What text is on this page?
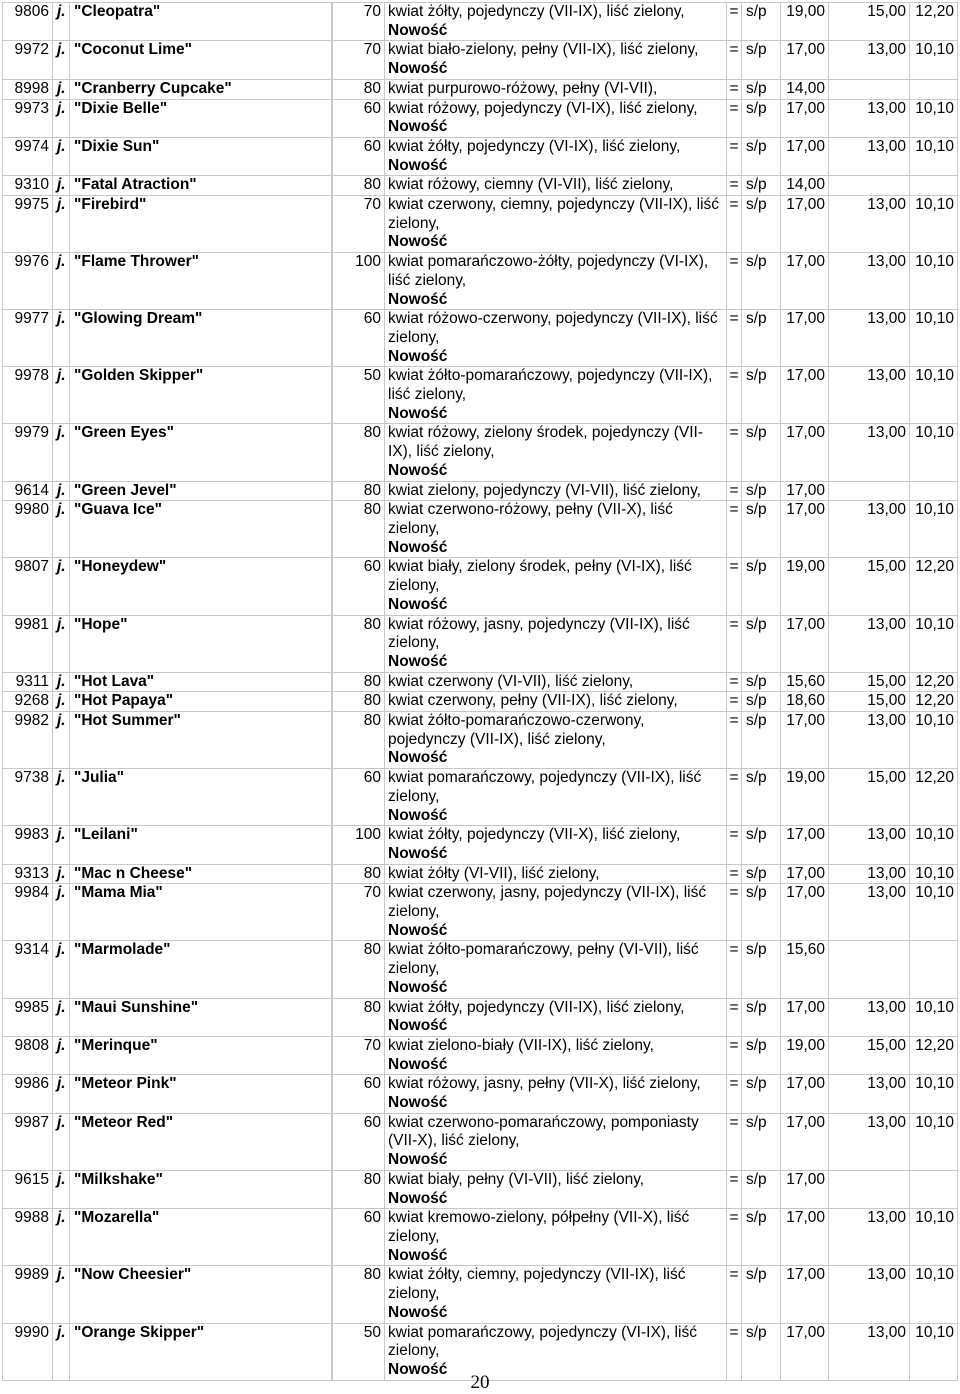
9806	j.	"Cleopatra"		70	kwiat żółty, pojedynczy (VII-IX), liść zielony,
Nowość	=	s/p	19,00	15,00	12,20
9972	j.	"Coconut Lime"		70	kwiat biało-zielony, pełny (VII-IX), liść zielony,
Nowość	=	s/p	17,00	13,00	10,10
8998	j.	"Cranberry Cupcake"		80	kwiat purpurowo-różowy, pełny (VI-VII),	=	s/p	14,00		
9973	j.	"Dixie Belle"		60	kwiat różowy, pojedynczy (VI-IX), liść zielony,
Nowość	=	s/p	17,00	13,00	10,10
9974	j.	"Dixie Sun"		60	kwiat żółty, pojedynczy (VI-IX), liść zielony,
Nowość	=	s/p	17,00	13,00	10,10
9310	j.	"Fatal Atraction"		80	kwiat różowy, ciemny (VI-VII), liść zielony,	=	s/p	14,00		
9975	j.	"Firebird"		70	kwiat czerwony, ciemny, pojedynczy (VII-IX), liść zielony,
Nowość	=	s/p	17,00	13,00	10,10
9976	j.	"Flame Thrower"		100	kwiat pomarańczowo-żółty, pojedynczy (VI-IX), liść zielony,
Nowość	=	s/p	17,00	13,00	10,10
9977	j.	"Glowing Dream"		60	kwiat różowo-czerwony, pojedynczy (VII-IX), liść zielony,
Nowość	=	s/p	17,00	13,00	10,10
9978	j.	"Golden Skipper"		50	kwiat żółto-pomarańczowy, pojedynczy (VII-IX), liść zielony,
Nowość	=	s/p	17,00	13,00	10,10
9979	j.	"Green Eyes"		80	kwiat różowy, zielony środek, pojedynczy (VII-IX), liść zielony,
Nowość	=	s/p	17,00	13,00	10,10
9614	j.	"Green Jevel"		80	kwiat zielony, pojedynczy (VI-VII), liść zielony,	=	s/p	17,00		
9980	j.	"Guava Ice"		80	kwiat czerwono-różowy, pełny (VII-X), liść zielony,
Nowość	=	s/p	17,00	13,00	10,10
9807	j.	"Honeydew"		60	kwiat biały, zielony środek, pełny (VI-IX), liść zielony,
Nowość	=	s/p	19,00	15,00	12,20
9981	j.	"Hope"		80	kwiat różowy, jasny, pojedynczy (VII-IX), liść zielony,
Nowość	=	s/p	17,00	13,00	10,10
9311	j.	"Hot Lava"		80	kwiat czerwony (VI-VII), liść zielony,	=	s/p	15,60	15,00	12,20
9268	j.	"Hot Papaya"		80	kwiat czerwony, pełny (VII-IX), liść zielony,	=	s/p	18,60	15,00	12,20
9982	j.	"Hot Summer"		80	kwiat żółto-pomarańczowo-czerwony, pojedynczy (VII-IX), liść zielony,
Nowość	=	s/p	17,00	13,00	10,10
9738	j.	"Julia"		60	kwiat pomarańczowy, pojedynczy (VII-IX), liść zielony,
Nowość	=	s/p	19,00	15,00	12,20
9983	j.	"Leilani"		100	kwiat żółty, pojedynczy (VII-X), liść zielony,
Nowość	=	s/p	17,00	13,00	10,10
9313	j.	"Mac n Cheese"		80	kwiat żółty (VI-VII), liść zielony,	=	s/p	17,00	13,00	10,10
9984	j.	"Mama Mia"		70	kwiat czerwony, jasny, pojedynczy (VII-IX), liść zielony,
Nowość	=	s/p	17,00	13,00	10,10
9314	j.	"Marmolade"		80	kwiat żółto-pomarańczowy, pełny (VI-VII), liść zielony,
Nowość	=	s/p	15,60		
9985	j.	"Maui Sunshine"		80	kwiat żółty, pojedynczy (VII-IX), liść zielony,
Nowość	=	s/p	17,00	13,00	10,10
9808	j.	"Merinque"		70	kwiat zielono-biały (VII-IX), liść zielony,
Nowość	=	s/p	19,00	15,00	12,20
9986	j.	"Meteor Pink"		60	kwiat różowy, jasny, pełny (VII-X), liść zielony,
Nowość	=	s/p	17,00	13,00	10,10
9987	j.	"Meteor Red"		60	kwiat czerwono-pomarańczowy, pomponiasty (VII-X), liść zielony,
Nowość	=	s/p	17,00	13,00	10,10
9615	j.	"Milkshake"		80	kwiat biały, pełny (VI-VII), liść zielony,
Nowość	=	s/p	17,00		
9988	j.	"Mozarella"		60	kwiat kremowo-zielony, półpełny (VII-X), liść zielony,
Nowość	=	s/p	17,00	13,00	10,10
9989	j.	"Now Cheesier"		80	kwiat żółty, ciemny, pojedynczy (VII-IX), liść zielony,
Nowość	=	s/p	17,00	13,00	10,10
9990	j.	"Orange Skipper"		50	kwiat pomarańczowy, pojedynczy (VI-IX), liść zielony,
Nowość	=	s/p	17,00	13,00	10,10
20
